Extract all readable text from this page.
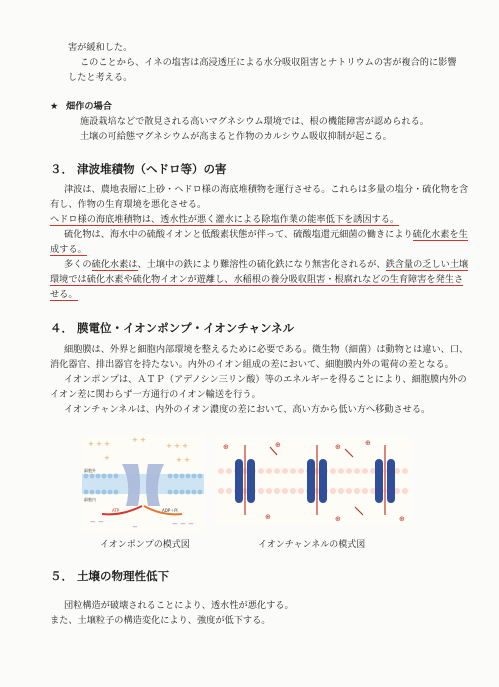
害が緩和した。
このことから、イネの塩害は高浸透圧による水分吸収阻害とナトリウムの害が複合的に影響
したと考える。
★ 畑作の場合
施設栽培などで散見される高いマグネシウム環境では、根の機能障害が認められる。
土壌の可給態マグネシウムが高まると作物のカルシウム吸収抑制が起こる。
３． 津波堆積物（ヘドロ等）の害
津波は、農地表層に上砂・ヘドロ様の海底堆積物を運行させる。これらは多量の塩分・硫化物を含
有し、作物の生育環境を悪化させる。
ヘドロ様の海底堆積物は、透水性が悪く灌水による除塩作業の能率低下を誘因する。
硫化物は、海水中の硫酸イオンと低酸素状態が伴って、硫酸塩還元細菌の働きにより硫化水素を生
成する。
多くの硫化水素は、土壌中の鉄により難溶性の硫化鉄になり無害化されるが、鉄含量の乏しい土壌
環境では硫化水素や硫化物イオンが遊離し、水稲根の養分吸収阻害・根腐れなどの生育障害を発生さ
せる。
４． 膜電位・イオンポンプ・イオンチャンネル
細胞膜は、外界と細胞内部環境を整えるために必要である。微生物（細菌）は動物とは違い、口、
消化器官、排出器官を持たない。内外のイオン組成の差において、細胞膜内外の電荷の差となる。
イオンポンプは、ＡＴＰ（アデノシン三リン酸）等のエネルギーを得ることにより、細胞膜内外の
イオン差に関わらず一方通行のイオン輸送を行う。
イオンチャンネルは、内外のイオン濃度の差において、高い方から低い方へ移動させる。
+ + +	+ +
+ + +
+	+ +
− −	− − −
−
細胞外
細胞内
ATP	ADP＋Pi
⊕	⊕	⊕	⊕
⊕	⊕	⊕
イオンポンプの模式図	イオンチャンネルの模式図
５． 土壌の物理性低下
団粒構造が破壊されることにより、透水性が悪化する。
また、土壌粒子の構造変化により、強度が低下する。
